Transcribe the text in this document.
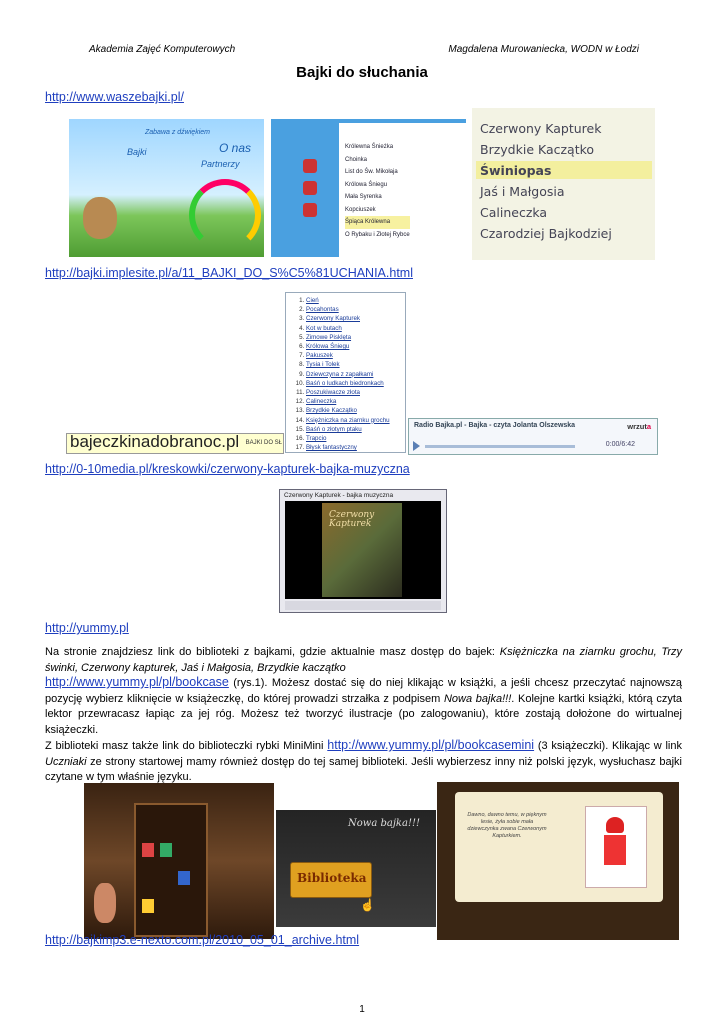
Akademia Zajęć Komputerowych	Magdalena Murowaniecka, WODN w Łodzi
Bajki do słuchania
http://www.waszebajki.pl/
Zabawa z dźwiękiem
Bajki	O nas
Partnerzy
Królewna Śnieżka
Choinka
List do Św. Mikołaja
Królowa Śniegu
Mała Syrenka
Kopciuszek
Śpiąca Królewna
O Rybaku i Złotej Rybce
Czerwony Kapturek
Brzydkie Kaczątko
Świniopas
Jaś i Małgosia
Calineczka
Czarodziej Bajkodziej
http://bajki.implesite.pl/a/11_BAJKI_DO_S%C5%81UCHANIA.html
1. Cień
2. Pocahontas
3. Czerwony Kapturek
4. Kot w butach
5. Zimowe Pisklęta
6. Królowa Śniegu
7. Pakuszek
8. Tysia i Tolek
9. Dziewczyna z zapałkami
10. Baśń o ludkach biedronkach
11. Poszukiwacze złota
12. Calineczka
13. Brzydkie Kaczątko
14. Księżniczka na ziarnku grochu
15. Baśń o złotym ptaku
16. Trapcio
17. Błysk fantastyczny
bajeczkinadobranoc.pl BAJKI DO SŁ
Radio Bajka.pl - Bajka - czyta Jolanta Olszewska	wrzuta
0:00/6:42
http://0-10media.pl/kreskowki/czerwony-kapturek-bajka-muzyczna
Czerwony Kapturek - bajka muzyczna
Czerwony Kapturek
http://yummy.pl
Na stronie znajdziesz link do biblioteki z bajkami, gdzie aktualnie masz dostęp do bajek: Księżniczka na ziarnku grochu, Trzy świnki, Czerwony kapturek, Jaś i Małgosia, Brzydkie kaczątko
http://www.yummy.pl/pl/bookcase (rys.1). Możesz dostać się do niej klikając w książki, a jeśli chcesz przeczytać najnowszą pozycję wybierz kliknięcie w książeczkę, do której prowadzi strzałka z podpisem Nowa bajka!!!. Kolejne kartki książki, którą czyta lektor przewracasz łapiąc za jej róg. Możesz też tworzyć ilustracje (po zalogowaniu), które zostają dołożone do wirtualnej książeczki.
Z biblioteki masz także link do biblioteczki rybki MiniMini http://www.yummy.pl/pl/bookcasemini (3 książeczki). Klikając w link Uczniaki ze strony startowej mamy również dostęp do tej samej biblioteki. Jeśli wybierzesz inny niż polski język, wysłuchasz bajki czytane w tym właśnie języku.
Nowa bajka!!!
Biblioteka
☝
Dawno, dawno temu, w pięknym lesie, żyła sobie mała dziewczynka zwana Czerwonym Kapturkiem.
http://bajkimp3.e-nexto.com.pl/2010_05_01_archive.html
1
